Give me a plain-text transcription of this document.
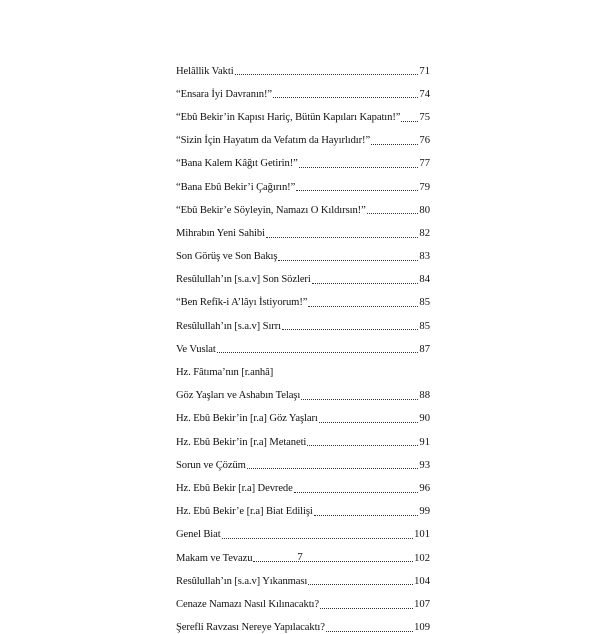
Helâllik Vakti	71
“Ensara İyi Davranın!”	74
“Ebû Bekir’in Kapısı Hariç, Bütün Kapıları Kapatın!” 75
“Sizin İçin Hayatım da Vefatım da Hayırlıdır!”	76
“Bana Kalem Kâğıt Getirin!”	77
“Bana Ebû Bekir’i Çağırın!”	79
“Ebû Bekir’e Söyleyin, Namazı O Kıldırsın!”	80
Mihrabın Yeni Sahibi	82
Son Görüş ve Son Bakış	83
Resûlullah’ın [s.a.v] Son Sözleri	84
“Ben Refîk-i A’lâyı İstiyorum!”	85
Resûlullah’ın [s.a.v] Sırrı	85
Ve Vuslat	87
Hz. Fâtıma’nın [r.anhâ]
Göz Yaşları ve Ashabın Telaşı	88
Hz. Ebû Bekir’in [r.a] Göz Yaşları	90
Hz. Ebû Bekir’in [r.a] Metaneti	91
Sorun ve Çözüm	93
Hz. Ebû Bekir [r.a] Devrede	96
Hz. Ebû Bekir’e [r.a] Biat Edilişi	99
Genel Biat	101
Makam ve Tevazu	102
Resûlullah’ın [s.a.v] Yıkanması	104
Cenaze Namazı Nasıl Kılınacaktı?	107
Şerefli Ravzası Nereye Yapılacaktı?	109
7
